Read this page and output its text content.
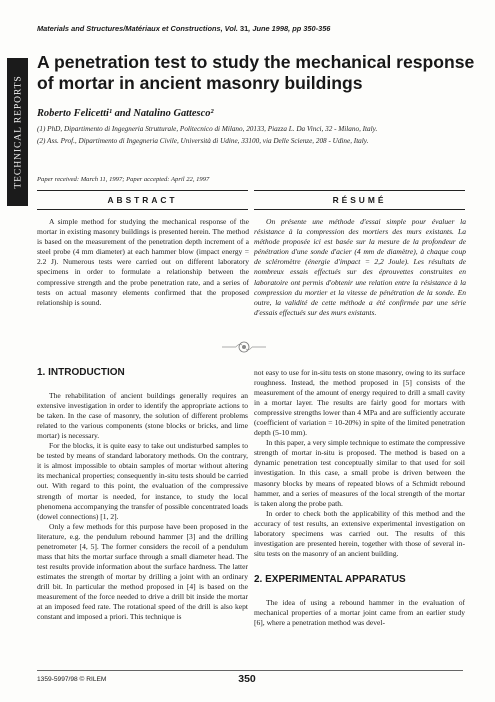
Materials and Structures/Matériaux et Constructions, Vol. 31, June 1998, pp 350-356
TECHNICAL REPORTS
A penetration test to study the mechanical response of mortar in ancient masonry buildings
Roberto Felicetti¹ and Natalino Gattesco²
(1) PhD, Dipartimento di Ingegneria Strutturale, Politecnico di Milano, 20133, Piazza L. Da Vinci, 32 - Milano, Italy.
(2) Ass. Prof., Dipartimento di Ingegneria Civile, Università di Udine, 33100, via Delle Scienze, 208 - Udine, Italy.
Paper received: March 11, 1997; Paper accepted: April 22, 1997
ABSTRACT	RÉSUMÉ

A simple method for studying the mechanical response of the mortar in existing masonry buildings is presented herein. The method is based on the measurement of the penetration depth increment of a steel probe (4 mm diameter) at each hammer blow (impact energy = 2.2 J). Numerous tests were carried out on different laboratory specimens in order to formulate a relationship between the compressive strength and the probe penetration rate, and a series of tests on actual masonry elements confirmed that the proposed relationship is sound.

On présente une méthode d'essai simple pour évaluer la résistance à la compression des mortiers des murs existants. La méthode proposée ici est basée sur la mesure de la profondeur de pénétration d'une sonde d'acier (4 mm de diamètre), à chaque coup de scléromètre (énergie d'impact = 2,2 Joule). Les résultats de nombreux essais effectués sur des éprouvettes construites en laboratoire ont permis d'obtenir une relation entre la résistance à la compression du mortier et la vitesse de pénétration de la sonde. En outre, la validité de cette méthode a été confirmée par une série d'essais effectués sur des murs existants.

1. INTRODUCTION

The rehabilitation of ancient buildings generally requires an extensive investigation in order to identify the appropriate actions to be taken. In the case of masonry, the solution of different problems related to the various components (stone blocks or bricks, and lime mortar) is necessary.

For the blocks, it is quite easy to take out undisturbed samples to be tested by means of standard laboratory methods. On the contrary, it is almost impossible to obtain samples of mortar without altering its mechanical properties; consequently in-situ tests should be carried out. With regard to this point, the evaluation of the compressive strength of mortar is needed, for instance, to study the local phenomena accompanying the transfer of possible concentrated loads (dowel connections) [1, 2].

Only a few methods for this purpose have been proposed in the literature, e.g. the pendulum rebound hammer [3] and the drilling penetrometer [4, 5]. The former considers the recoil of a pendulum mass that hits the mortar surface through a small diameter head. The test results provide information about the surface hardness. The latter estimates the strength of mortar by drilling a joint with an ordinary drill bit. In particular the method proposed in [4] is based on the measurement of the force needed to drive a drill bit inside the mortar at an imposed feed rate. The rotational speed of the drill is also kept constant and imposed a priori. This technique is

not easy to use for in-situ tests on stone masonry, owing to its surface roughness. Instead, the method proposed in [5] consists of the measurement of the amount of energy required to drill a small cavity in a mortar layer. The results are fairly good for mortars with compressive strengths lower than 4 MPa and are sufficiently accurate (coefficient of variation = 10-20%) in spite of the limited penetration depth (5-10 mm).

In this paper, a very simple technique to estimate the compressive strength of mortar in-situ is proposed. The method is based on a dynamic penetration test conceptually similar to that used for soil investigation. In this case, a small probe is driven between the masonry blocks by means of repeated blows of a Schmidt rebound hammer, and a series of measures of the local strength of the mortar is taken along the probe path.

In order to check both the applicability of this method and the accuracy of test results, an extensive experimental investigation on laboratory specimens was carried out. The results of this investigation are presented herein, together with those of several in-situ tests on the masonry of an ancient building.

2. EXPERIMENTAL APPARATUS

The idea of using a rebound hammer in the evaluation of mechanical properties of a mortar joint came from an earlier study [6], where a penetration method was devel-

1359-5997/98 © RILEM	350
